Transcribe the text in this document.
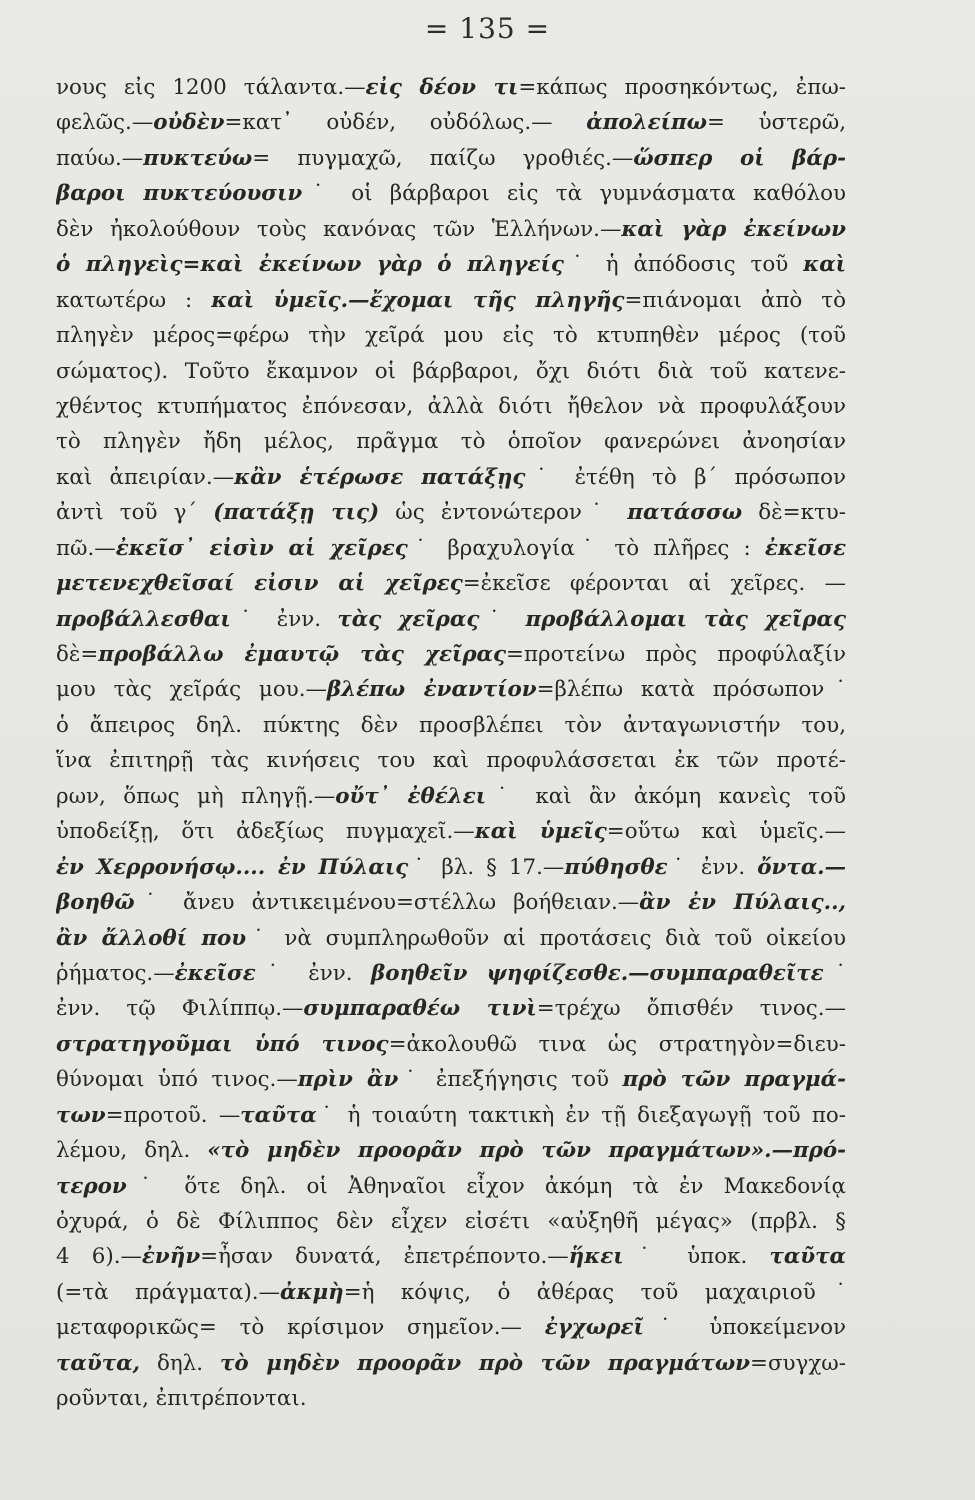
= 135 =
νους εἰς 1200 τάλαντα.—εἰς δέον τι=κάπως προσηκόντως, ἐπω-
φελῶς.—οὐδὲν=κατ᾿ οὐδέν, οὐδόλως.— ἀπολείπω= ὑστερῶ,
παύω.—πυκτεύω= πυγμαχῶ, παίζω γροθιές.—ὥσπερ οἱ βάρ-
βαροι πυκτεύουσιν˙ οἱ βάρβαροι εἰς τὰ γυμνάσματα καθόλου
δὲν ἠκολούθουν τοὺς κανόνας τῶν Ἑλλήνων.—καὶ γὰρ ἐκείνων
ὁ πληγεὶς=καὶ ἐκείνων γὰρ ὁ πληγείς˙ ἡ ἀπόδοσις τοῦ καὶ
κατωτέρω : καὶ ὑμεῖς.—ἔχομαι τῆς πληγῆς=πιάνομαι ἀπὸ τὸ
πληγὲν μέρος=φέρω τὴν χεῖρά μου εἰς τὸ κτυπηθὲν μέρος (τοῦ
σώματος). Τοῦτο ἔκαμνον οἱ βάρβαροι, ὄχι διότι διὰ τοῦ κατενε-
χθέντος κτυπήματος ἐπόνεσαν, ἀλλὰ διότι ἤθελον νὰ προφυλάξουν
τὸ πληγὲν ἤδη μέλος, πρᾶγμα τὸ ὁποῖον φανερώνει ἀνοησίαν
καὶ ἀπειρίαν.—κἂν ἑτέρωσε πατάξῃς˙ ἐτέθη τὸ β΄ πρόσωπον
ἀντὶ τοῦ γ΄ (πατάξῃ τις) ὡς ἐντονώτερον˙ πατάσσω δὲ=κτυ-
πῶ.—ἐκεῖσ᾿ εἰσὶν αἱ χεῖρες˙ βραχυλογία˙ τὸ πλῆρες : ἐκεῖσε
μετενεχθεῖσαί εἰσιν αἱ χεῖρες=ἐκεῖσε φέρονται αἱ χεῖρες. —
προβάλλεσθαι˙ ἐνν. τὰς χεῖρας˙ προβάλλομαι τὰς χεῖρας
δὲ=προβάλλω ἐμαυτῷ τὰς χεῖρας=προτείνω πρὸς προφύλαξίν
μου τὰς χεῖράς μου.—βλέπω ἐναντίον=βλέπω κατὰ πρόσωπον˙
ὁ ἄπειρος δηλ. πύκτης δὲν προσβλέπει τὸν ἀνταγωνιστήν του,
ἵνα ἐπιτηρῇ τὰς κινήσεις του καὶ προφυλάσσεται ἐκ τῶν προτέ-
ρων, ὅπως μὴ πληγῇ.—οὔτ᾿ ἐθέλει˙ καὶ ἂν ἀκόμη κανεὶς τοῦ
ὑποδείξῃ, ὅτι ἀδεξίως πυγμαχεῖ.—καὶ ὑμεῖς=οὕτω καὶ ὑμεῖς.—
ἐν Χερρονήσῳ.... ἐν Πύλαις˙ βλ. § 17.—πύθησθε˙ ἐνν. ὄντα.—
βοηθῶ˙ ἄνευ ἀντικειμένου=στέλλω βοήθειαν.—ἂν ἐν Πύλαις..,
ἂν ἄλλοθί που˙ νὰ συμπληρωθοῦν αἱ προτάσεις διὰ τοῦ οἰκείου
ῥήματος.—ἐκεῖσε˙ ἐνν. βοηθεῖν ψηφίζεσθε.—συμπαραθεῖτε˙
ἐνν. τῷ Φιλίππῳ.—συμπαραθέω τινὶ=τρέχω ὄπισθέν τινος.—
στρατηγοῦμαι ὑπό τινος=ἀκολουθῶ τινα ὡς στρατηγὸν=διευ-
θύνομαι ὑπό τινος.—πρὶν ἂν˙ ἐπεξήγησις τοῦ πρὸ τῶν πραγμά-
των=προτοῦ. —ταῦτα˙ ἡ τοιαύτη τακτικὴ ἐν τῇ διεξαγωγῇ τοῦ πο-
λέμου, δηλ. «τὸ μηδὲν προορᾶν πρὸ τῶν πραγμάτων».—πρό-
τερον˙ ὅτε δηλ. οἱ Ἀθηναῖοι εἶχον ἀκόμη τὰ ἐν Μακεδονίᾳ
ὀχυρά, ὁ δὲ Φίλιππος δὲν εἶχεν εἰσέτι «αὐξηθῆ μέγας» (πρβλ. §
4 6).—ἐνῆν=ἦσαν δυνατά, ἐπετρέποντο.—ἥκει˙ ὑποκ. ταῦτα
(=τὰ πράγματα).—ἀκμὴ=ἡ κόψις, ὁ ἀθέρας τοῦ μαχαιριοῦ˙
μεταφορικῶς= τὸ κρίσιμον σημεῖον.— ἐγχωρεῖ˙ ὑποκείμενον
ταῦτα, δηλ. τὸ μηδὲν προορᾶν πρὸ τῶν πραγμάτων=συγχω-
ροῦνται, ἐπιτρέπονται.
